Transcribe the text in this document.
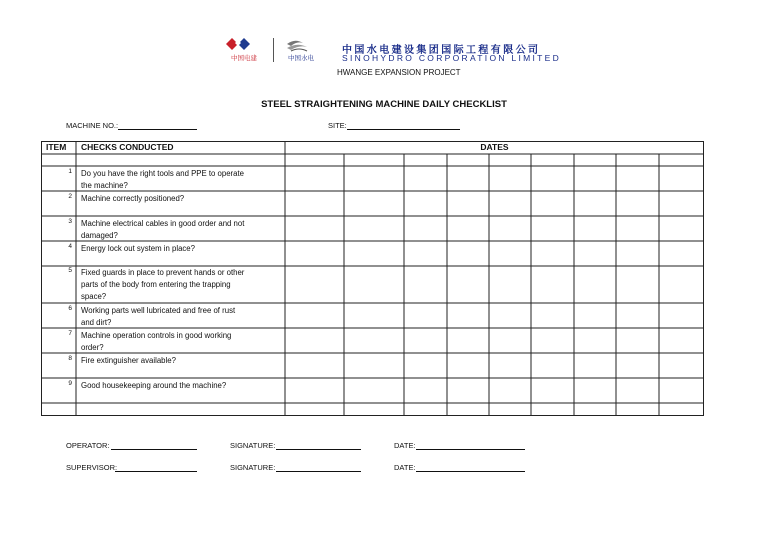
中国电建	中国水电
中国水电建设集团国际工程有限公司
SINOHYDRO CORPORATION LIMITED
HWANGE EXPANSION PROJECT
STEEL STRAIGHTENING MACHINE DAILY CHECKLIST
MACHINE NO.:	SITE:
ITEM CHECKS CONDUCTED	DATES
1 Do you have the right tools and PPE to operate
the machine?
2 Machine correctly positioned?
3 Machine electrical cables in good order and not
damaged?
4 Energy lock out system in place?
5 Fixed guards in place to prevent hands or other
parts of the body from entering the trapping
space?
6 Working parts well lubricated and free of rust
and dirt?
7 Machine operation controls in good working
order?
8 Fire extinguisher available?
9 Good housekeeping around the machine?
OPERATOR:	SIGNATURE:	DATE:
SUPERVISOR:	SIGNATURE:	DATE:
